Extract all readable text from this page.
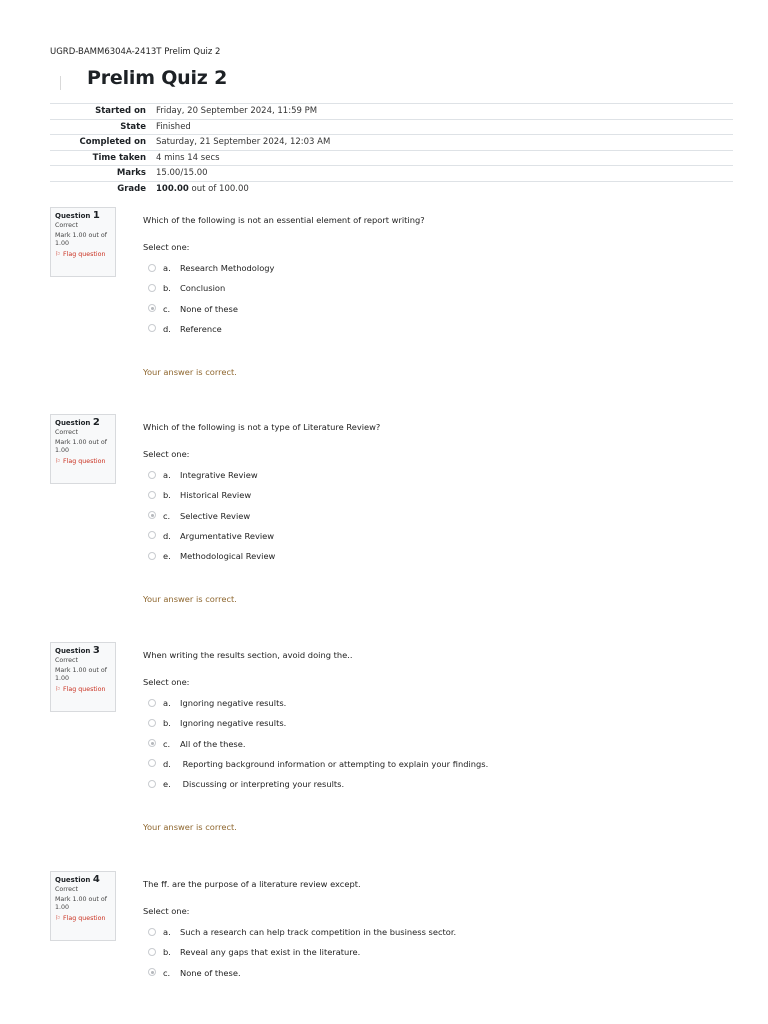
UGRD-BAMM6304A-2413T Prelim Quiz 2
Prelim Quiz 2
Started on	Friday, 20 September 2024, 11:59 PM
State	Finished
Completed on	Saturday, 21 September 2024, 12:03 AM
Time taken	4 mins 14 secs
Marks	15.00/15.00
Grade	100.00 out of 100.00
Question 1
Correct
Mark 1.00 out of 1.00
⚐ Flag question
Which of the following is not an essential element of report writing?
Select one:
a. Research Methodology
b. Conclusion
c. None of these
d. Reference
Your answer is correct.
Question 2
Correct
Mark 1.00 out of 1.00
⚐ Flag question
Which of the following is not a type of Literature Review?
Select one:
a. Integrative Review
b. Historical Review
c. Selective Review
d. Argumentative Review
e. Methodological Review
Your answer is correct.
Question 3
Correct
Mark 1.00 out of 1.00
⚐ Flag question
When writing the results section, avoid doing the..
Select one:
a. Ignoring negative results.
b. Ignoring negative results.
c. All of the these.
d. Reporting background information or attempting to explain your findings.
e. Discussing or interpreting your results.
Your answer is correct.
Question 4
Correct
Mark 1.00 out of 1.00
⚐ Flag question
The ff. are the purpose of a literature review except.
Select one:
a. Such a research can help track competition in the business sector.
b. Reveal any gaps that exist in the literature.
c. None of these.
